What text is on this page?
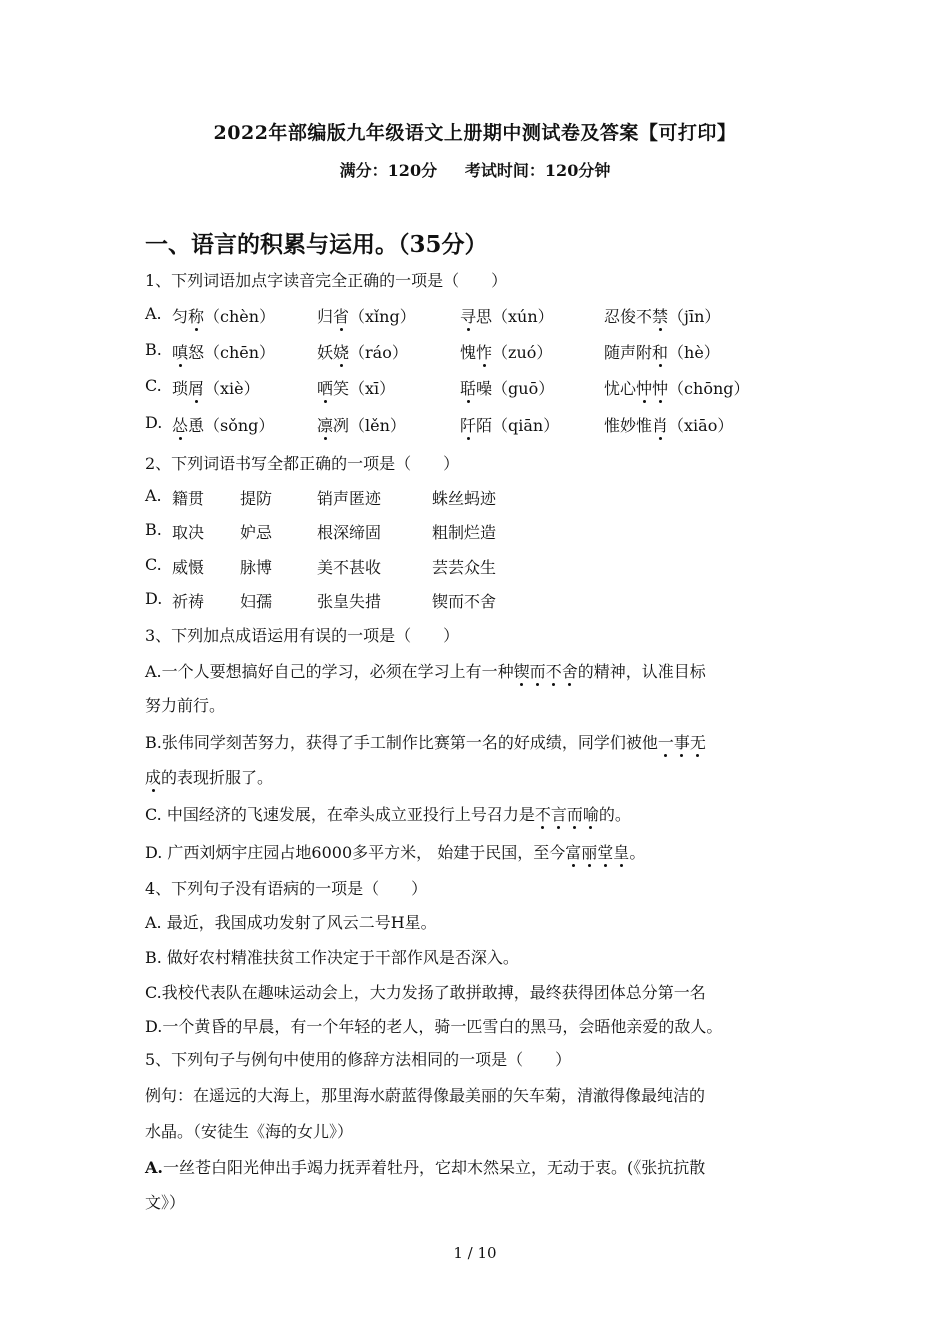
2022年部编版九年级语文上册期中测试卷及答案【可打印】
满分：120分     考试时间：120分钟
一、语言的积累与运用。（35分）
1、下列词语加点字读音完全正确的一项是（　　）
A. 匀称（chèn）	归省（xǐng）	寻思（xún）	忍俊不禁（jīn）
B. 嗔怒（chēn）	妖娆（ráo）	愧怍（zuó）	随声附和（hè）
C. 琐屑（xiè）	哂笑（xī）	聒噪（guō）	忧心忡忡（chōng）
D. 怂恿（sǒng）	凛冽（lěn）	阡陌（qiān）	惟妙惟肖（xiāo）
2、下列词语书写全都正确的一项是（　　）
A. 籍贯 提防	销声匿迹	蛛丝蚂迹
B. 取决 妒忌	根深缔固	粗制烂造
C. 威慑 脉博	美不甚收	芸芸众生
D. 祈祷 妇孺	张皇失措	锲而不舍
3、下列加点成语运用有误的一项是（　　）
A.一个人要想搞好自己的学习，必须在学习上有一种锲而不舍的精神，认准目标
努力前行。
B.张伟同学刻苦努力，获得了手工制作比赛第一名的好成绩，同学们被他一事无
成的表现折服了。
C. 中国经济的飞速发展，在牵头成立亚投行上号召力是不言而喻的。
D. 广西刘炳宇庄园占地6000多平方米， 始建于民国，至今富丽堂皇。
4、下列句子没有语病的一项是（　　）
A. 最近，我国成功发射了风云二号H星。
B. 做好农村精准扶贫工作决定于干部作风是否深入。
C.我校代表队在趣味运动会上，大力发扬了敢拼敢搏，最终获得团体总分第一名
D.一个黄昏的早晨，有一个年轻的老人，骑一匹雪白的黑马，会晤他亲爱的敌人。
5、下列句子与例句中使用的修辞方法相同的一项是（　　）
例句：在遥远的大海上，那里海水蔚蓝得像最美丽的矢车菊，清澈得像最纯洁的
水晶。（安徒生《海的女儿》）
A.一丝苍白阳光伸出手竭力抚弄着牡丹，它却木然呆立，无动于衷。(《张抗抗散
文》）
1 / 10
